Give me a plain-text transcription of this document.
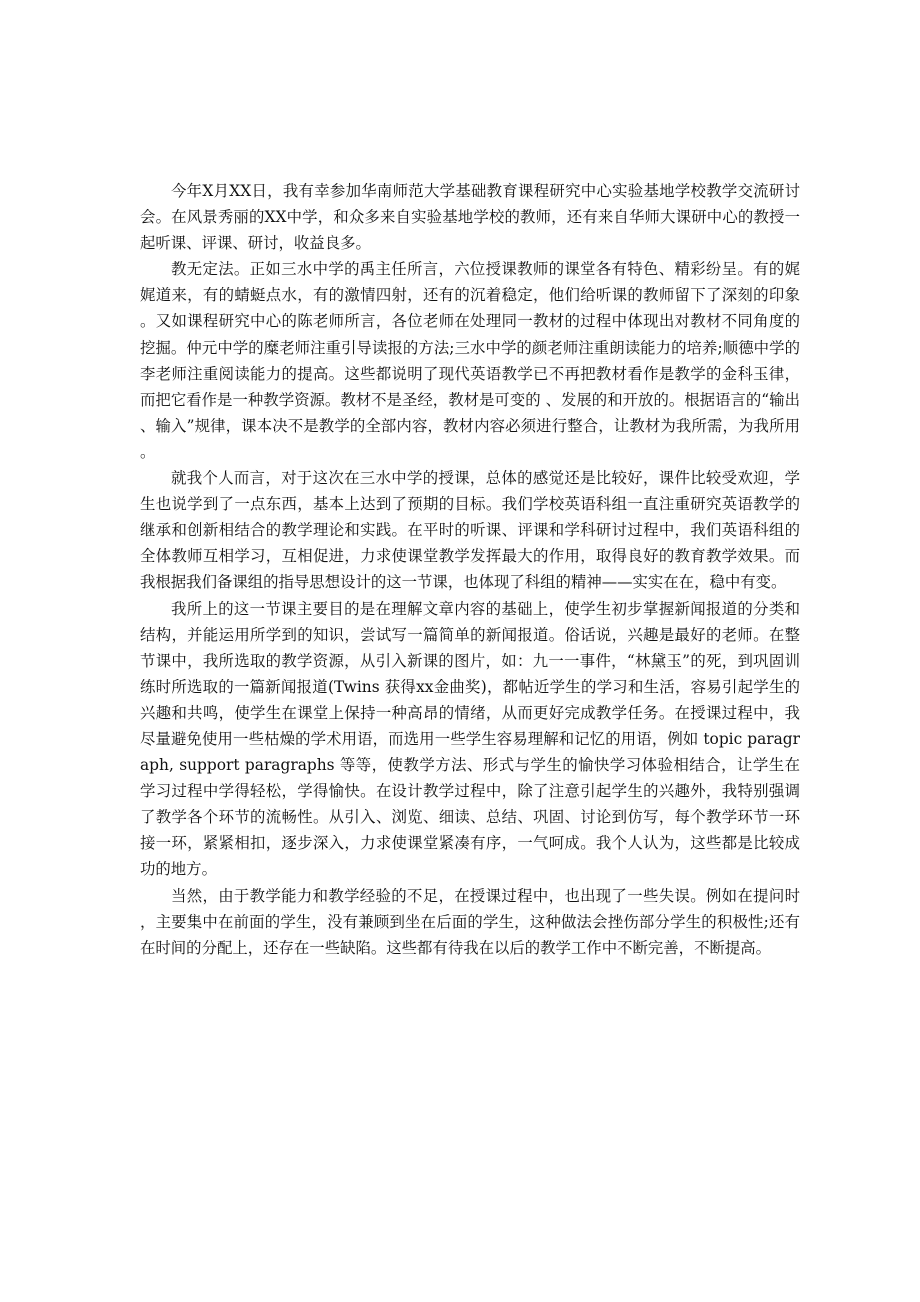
今年X月XX日，我有幸参加华南师范大学基础教育课程研究中心实验基地学校教学交流研讨会。在风景秀丽的XX中学，和众多来自实验基地学校的教师，还有来自华师大课研中心的教授一起听课、评课、研讨，收益良多。

教无定法。正如三水中学的禹主任所言，六位授课教师的课堂各有特色、精彩纷呈。有的娓娓道来，有的蜻蜓点水，有的激情四射，还有的沉着稳定，他们给听课的教师留下了深刻的印象。又如课程研究中心的陈老师所言，各位老师在处理同一教材的过程中体现出对教材不同角度的挖掘。仲元中学的糜老师注重引导读报的方法;三水中学的颜老师注重朗读能力的培养;顺德中学的李老师注重阅读能力的提高。这些都说明了现代英语教学已不再把教材看作是教学的金科玉律，而把它看作是一种教学资源。教材不是圣经，教材是可变的 、发展的和开放的。根据语言的“输出、输入”规律，课本决不是教学的全部内容，教材内容必须进行整合，让教材为我所需，为我所用。

就我个人而言，对于这次在三水中学的授课，总体的感觉还是比较好，课件比较受欢迎，学生也说学到了一点东西，基本上达到了预期的目标。我们学校英语科组一直注重研究英语教学的继承和创新相结合的教学理论和实践。在平时的听课、评课和学科研讨过程中，我们英语科组的全体教师互相学习，互相促进，力求使课堂教学发挥最大的作用，取得良好的教育教学效果。而我根据我们备课组的指导思想设计的这一节课，也体现了科组的精神——实实在在，稳中有变。

我所上的这一节课主要目的是在理解文章内容的基础上，使学生初步掌握新闻报道的分类和结构，并能运用所学到的知识，尝试写一篇简单的新闻报道。俗话说，兴趣是最好的老师。在整节课中，我所选取的教学资源，从引入新课的图片，如：九一一事件，“林黛玉”的死，到巩固训练时所选取的一篇新闻报道(Twins 获得xx金曲奖)，都帖近学生的学习和生活，容易引起学生的兴趣和共鸣，使学生在课堂上保持一种高昂的情绪，从而更好完成教学任务。在授课过程中，我尽量避免使用一些枯燥的学术用语，而选用一些学生容易理解和记忆的用语，例如 topic paragraph, support paragraphs 等等，使教学方法、形式与学生的愉快学习体验相结合，让学生在学习过程中学得轻松，学得愉快。在设计教学过程中，除了注意引起学生的兴趣外，我特别强调了教学各个环节的流畅性。从引入、浏览、细读、总结、巩固、讨论到仿写，每个教学环节一环接一环，紧紧相扣，逐步深入，力求使课堂紧凑有序，一气呵成。我个人认为，这些都是比较成功的地方。

当然，由于教学能力和教学经验的不足，在授课过程中，也出现了一些失误。例如在提问时，主要集中在前面的学生，没有兼顾到坐在后面的学生，这种做法会挫伤部分学生的积极性;还有在时间的分配上，还存在一些缺陷。这些都有待我在以后的教学工作中不断完善，不断提高。
